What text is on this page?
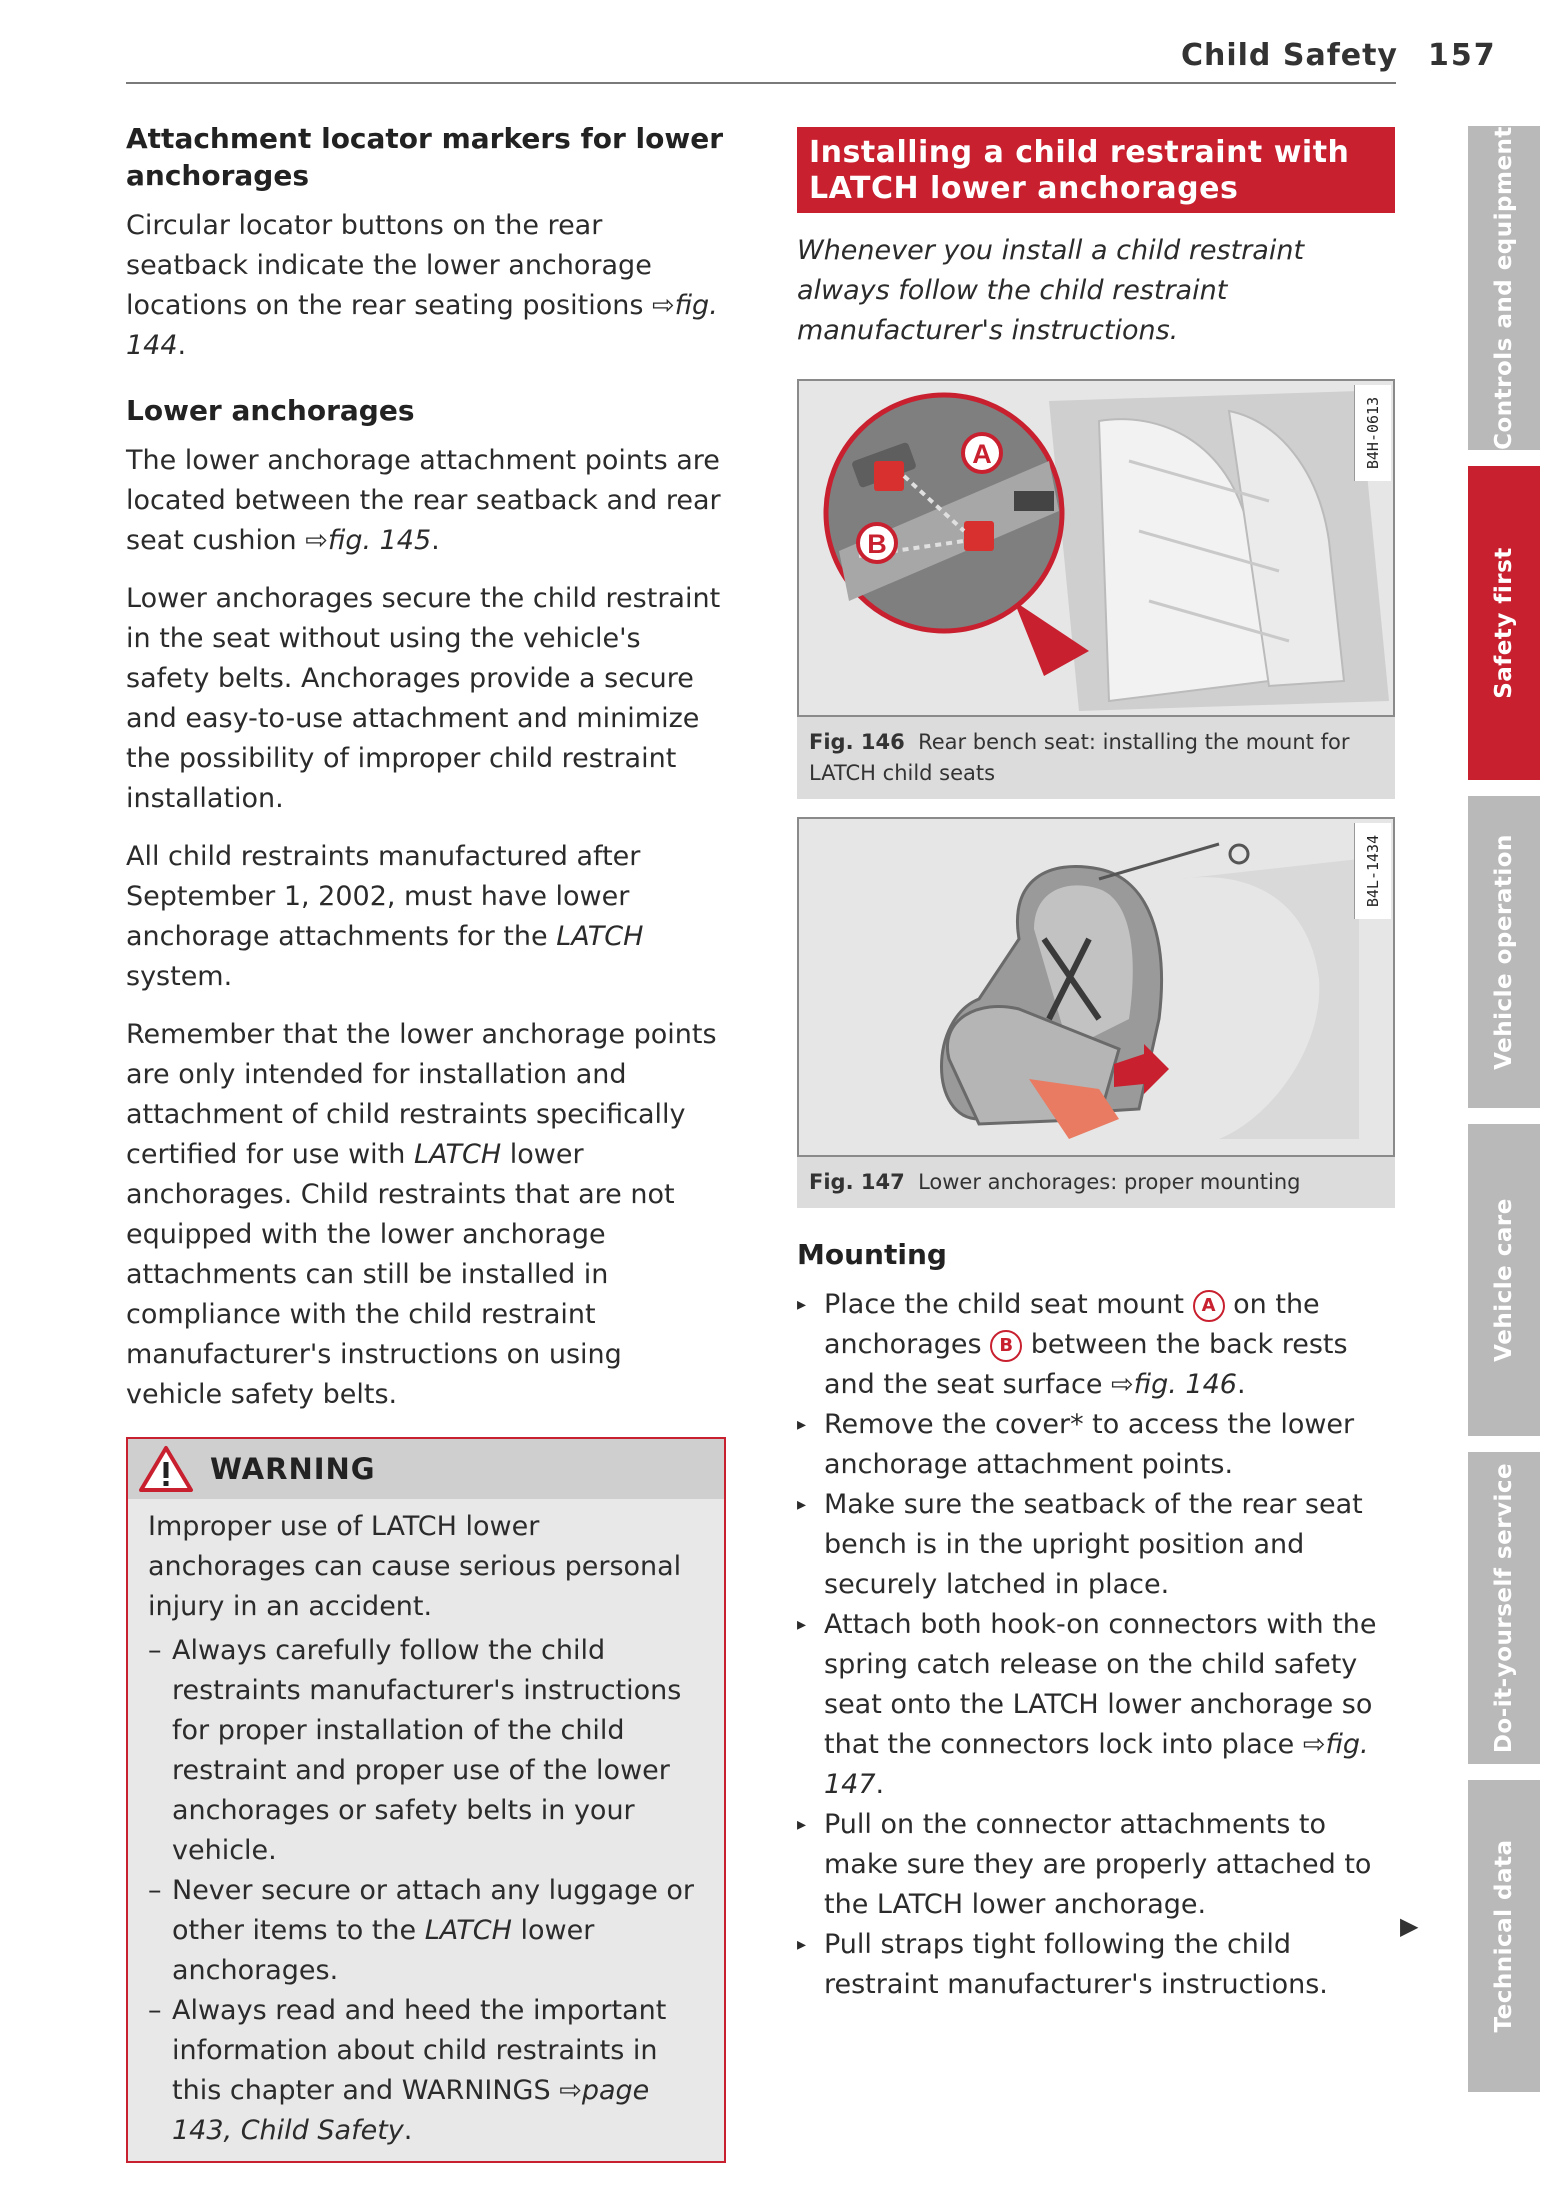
Child Safety 157
Attachment locator markers for lower anchorages

Circular locator buttons on the rear seatback indicate the lower anchorage locations on the rear seating positions ⇨fig. 144.

Lower anchorages

The lower anchorage attachment points are located between the rear seatback and rear seat cushion ⇨fig. 145.

Lower anchorages secure the child restraint in the seat without using the vehicle's safety belts. Anchorages provide a secure and easy-to-use attachment and minimize the possibility of improper child restraint installation.

All child restraints manufactured after September 1, 2002, must have lower anchorage attachments for the LATCH system.

Remember that the lower anchorage points are only intended for installation and attachment of child restraints specifically certified for use with LATCH lower anchorages. Child restraints that are not equipped with the lower anchorage attachments can still be installed in compliance with the child restraint manufacturer's instructions on using vehicle safety belts.

WARNING

Improper use of LATCH lower anchorages can cause serious personal injury in an accident.

– Always carefully follow the child restraints manufacturer's instructions for proper installation of the child restraint and proper use of the lower anchorages or safety belts in your vehicle.
– Never secure or attach any luggage or other items to the LATCH lower anchorages.
– Always read and heed the important information about child restraints in this chapter and WARNINGS ⇨page 143, Child Safety.
Installing a child restraint with LATCH lower anchorages

Whenever you install a child restraint always follow the child restraint manufacturer's instructions.

A
B
B4H-0613
Fig. 146 Rear bench seat: installing the mount for LATCH child seats
B4L-1434
Fig. 147 Lower anchorages: proper mounting
Mounting
▸ Place the child seat mount A on the anchorages B between the back rests and the seat surface ⇨fig. 146.
▸ Remove the cover* to access the lower anchorage attachment points.
▸ Make sure the seatback of the rear seat bench is in the upright position and securely latched in place.
▸ Attach both hook-on connectors with the spring catch release on the child safety seat onto the LATCH lower anchorage so that the connectors lock into place ⇨fig. 147.
▸ Pull on the connector attachments to make sure they are properly attached to the LATCH lower anchorage.
▸ Pull straps tight following the child restraint manufacturer's instructions.
▶
Controls and equipment
Safety first
Vehicle operation
Vehicle care
Do-it-yourself service
Technical data
